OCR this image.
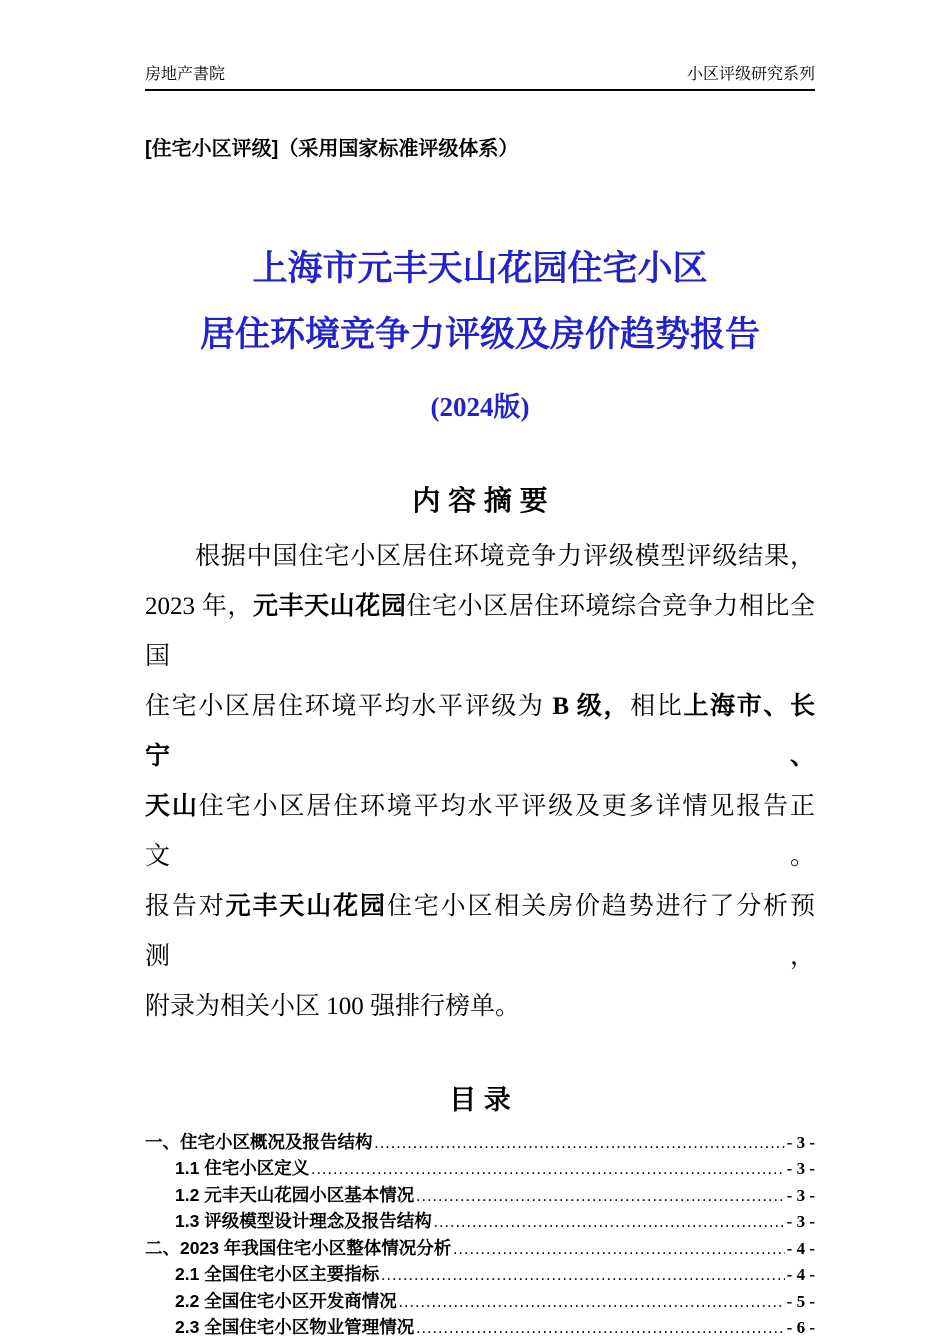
房地产書院	小区评级研究系列
[住宅小区评级]（采用国家标准评级体系）
上海市元丰天山花园住宅小区
居住环境竞争力评级及房价趋势报告
(2024版)
内 容 摘 要
根据中国住宅小区居住环境竞争力评级模型评级结果，
2023 年，元丰天山花园住宅小区居住环境综合竞争力相比全国
住宅小区居住环境平均水平评级为 B 级，相比上海市、长宁、
天山住宅小区居住环境平均水平评级及更多详情见报告正文。
报告对元丰天山花园住宅小区相关房价趋势进行了分析预测，
附录为相关小区 100 强排行榜单。
目 录
一、住宅小区概况及报告结构 .....	- 3 -
1.1 住宅小区定义 .....	- 3 -
1.2 元丰天山花园小区基本情况 .....	- 3 -
1.3 评级模型设计理念及报告结构 .....	- 3 -
二、2023 年我国住宅小区整体情况分析 .....	- 4 -
2.1 全国住宅小区主要指标 .....	- 4 -
2.2 全国住宅小区开发商情况 .....	- 5 -
2.3 全国住宅小区物业管理情况 .....	- 6 -
.....
